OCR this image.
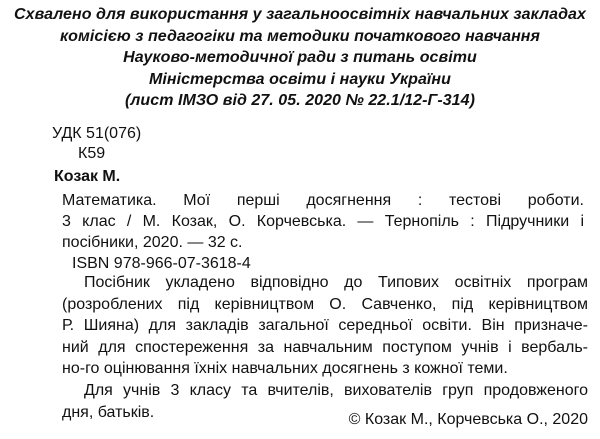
Схвалено для використання у загальноосвітніх навчальних закладах
комісією з педагогіки та методики початкового навчання
Науково-методичної ради з питань освіти
Міністерства освіти і науки України
(лист ІМЗО від 27. 05. 2020 № 22.1/12-Г-314)
УДК 51(076)
К59
Козак М.
Математика. Мої перші досягнення : тестові роботи.
3 клас / М. Козак, О. Корчевська. — Тернопіль : Підручники і
посібники, 2020. — 32 с.
ISBN 978-966-07-3618-4
Посібник укладено відповідно до Типових освітніх програм
(розроблених під керівництвом О. Савченко, під керівництвом
Р. Шияна) для закладів загальної середньої освіти. Він призначе-
ний для спостереження за навчальним поступом учнів і вербаль-
но-го оцінювання їхніх навчальних досягнень з кожної теми.
Для учнів 3 класу та вчителів, вихователів груп продовженого
дня, батьків.	© Козак М., Корчевська О., 2020
